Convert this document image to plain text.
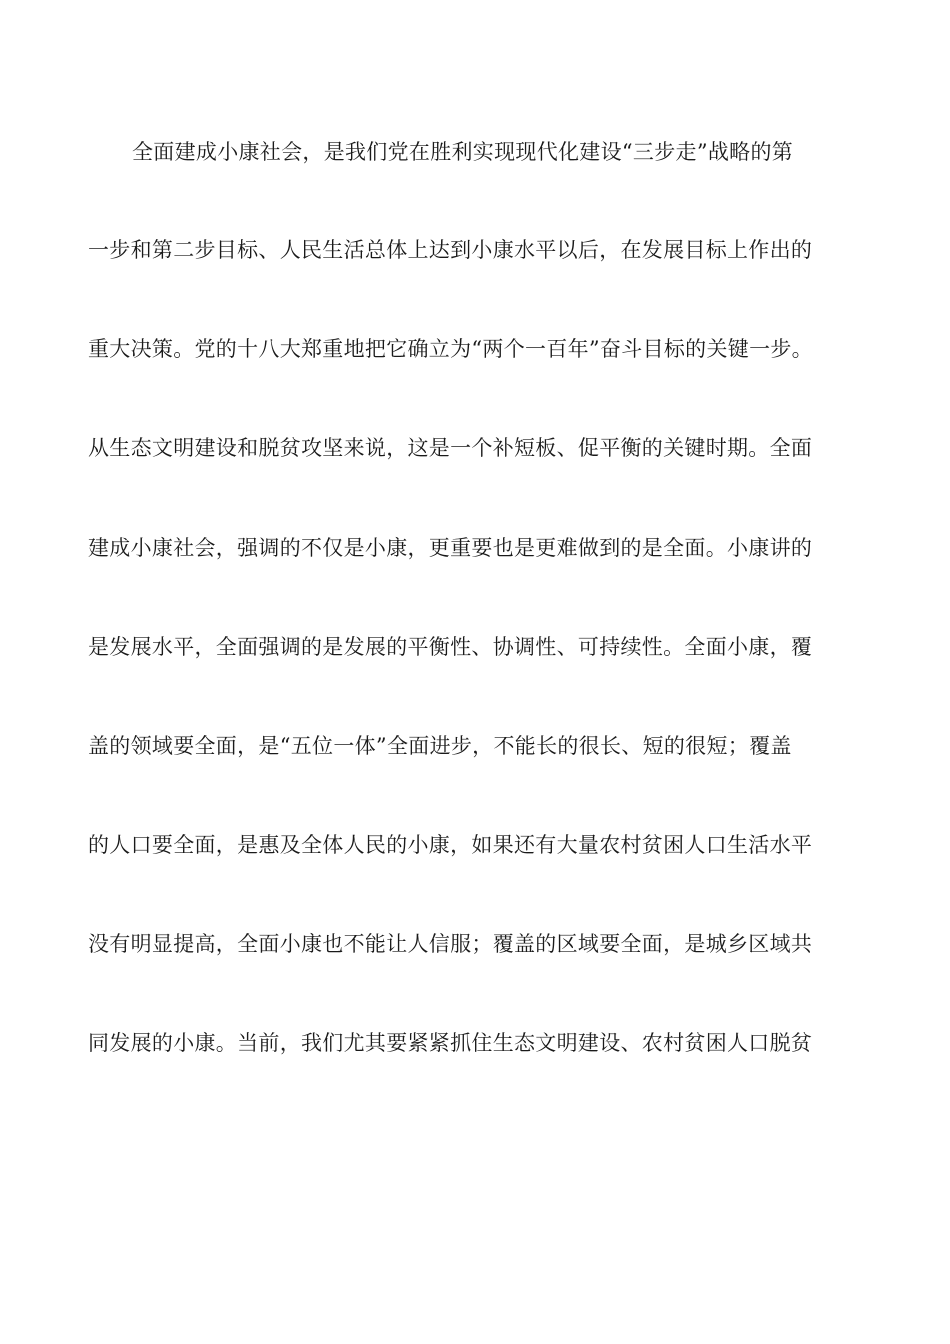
全面建成小康社会，是我们党在胜利实现现代化建设“三步走”战略的第
一步和第二步目标、人民生活总体上达到小康水平以后，在发展目标上作出的
重大决策。党的十八大郑重地把它确立为“两个一百年”奋斗目标的关键一步。
从生态文明建设和脱贫攻坚来说，这是一个补短板、促平衡的关键时期。全面
建成小康社会，强调的不仅是小康，更重要也是更难做到的是全面。小康讲的
是发展水平，全面强调的是发展的平衡性、协调性、可持续性。全面小康，覆
盖的领域要全面，是“五位一体”全面进步，不能长的很长、短的很短；覆盖
的人口要全面，是惠及全体人民的小康，如果还有大量农村贫困人口生活水平
没有明显提高，全面小康也不能让人信服；覆盖的区域要全面，是城乡区域共
同发展的小康。当前，我们尤其要紧紧抓住生态文明建设、农村贫困人口脱贫
